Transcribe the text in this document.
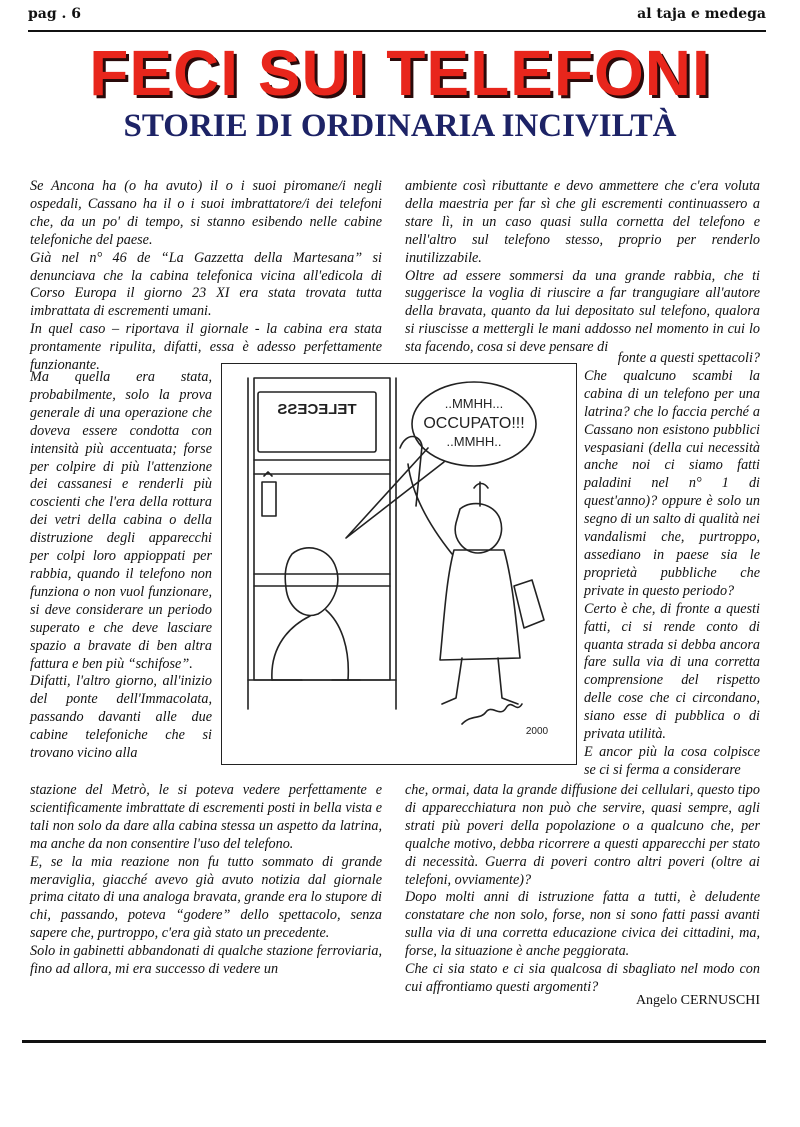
pag . 6	al taja e medega
FECI SUI TELEFONI
STORIE DI ORDINARIA INCIVILTÀ

Se Ancona ha (o ha avuto) il o i suoi piromane/i negli ospedali, Cassano ha il o i suoi imbrattatore/i dei telefoni che, da un po' di tempo, si stanno esibendo nelle cabine telefoniche del paese.

Già nel n° 46 de “La Gazzetta della Martesana” si denunciava che la cabina telefonica vicina all'edicola di Corso Europa il giorno 23 XI era stata trovata tutta imbrattata di escrementi umani.

In quel caso – riportava il giornale - la cabina era stata prontamente ripulita, difatti, essa è adesso perfettamente funzionante.

Ma quella era stata, probabilmente, solo la prova generale di una operazione che doveva essere condotta con intensità più accentuata; forse per colpire di più l'attenzione dei cassanesi e renderli più coscienti che l'era della rottura dei vetri della cabina o della distruzione degli apparecchi per colpi loro appioppati per rabbia, quando il telefono non funziona o non vuol funzionare, si deve considerare un periodo superato e che deve lasciare spazio a bravate di ben altra fattura e ben più “schifose”.

Difatti, l'altro giorno, all'inizio del ponte dell'Immacolata, passando davanti alle due cabine telefoniche che si trovano vicino alla

stazione del Metrò, le si poteva vedere perfettamente e scientificamente imbrattate di escrementi posti in bella vista e tali non solo da dare alla cabina stessa un aspetto da latrina, ma anche da non consentire l'uso del telefono.

E, se la mia reazione non fu tutto sommato di grande meraviglia, giacché avevo già avuto notizia dal giornale prima citato di una analoga bravata, grande era lo stupore di chi, passando, poteva “godere” dello spettacolo, senza sapere che, purtroppo, c'era già stato un precedente.

Solo in gabinetti abbandonati di qualche stazione ferroviaria, fino ad allora, mi era successo di vedere un

ambiente così ributtante e devo ammettere che c'era voluta della maestria per far sì che gli escrementi continuassero a stare lì, in un caso quasi sulla cornetta del telefono e nell'altro sul telefono stesso, proprio per renderlo inutilizzabile.

Oltre ad essere sommersi da una grande rabbia, che ti suggerisce la voglia di riuscire a far trangugiare all'autore della bravata, quanto da lui depositato sul telefono, qualora si riuscisse a mettergli le mani addosso nel momento in cui lo sta facendo, cosa si deve pensare di

fonte a questi spettacoli?

Che qualcuno scambi la cabina di un telefono per una latrina? che lo faccia perché a Cassano non esistono pubblici vespasiani (della cui necessità anche noi ci siamo fatti paladini nel n° 1 di quest'anno)? oppure è solo un segno di un salto di qualità nei vandalismi che, purtroppo, assediano in paese sia le proprietà pubbliche che private in questo periodo?

Certo è che, di fronte a questi fatti, ci si rende conto di quanta strada si debba ancora fare sulla via di una corretta comprensione del rispetto delle cose che ci circondano, siano esse di pubblica o di privata utilità.

E ancor più la cosa colpisce se ci si ferma a considerare

che, ormai, data la grande diffusione dei cellulari, questo tipo di apparecchiatura non può che servire, quasi sempre, agli strati più poveri della popolazione o a qualcuno che, per qualche motivo, debba ricorrere a questi apparecchi per stato di necessità. Guerra di poveri contro altri poveri (oltre ai telefoni, ovviamente)?

Dopo molti anni di istruzione fatta a tutti, è deludente constatare che non solo, forse, non si sono fatti passi avanti sulla via di una corretta educazione civica dei cittadini, ma, forse, la situazione è anche peggiorata.

Che ci sia stato e ci sia qualcosa di sbagliato nel modo con cui affrontiamo questi argomenti?

Angelo CERNUSCHI
TELECESS	..MMHH...
OCCUPATO!!!
..MMHH..
2000
